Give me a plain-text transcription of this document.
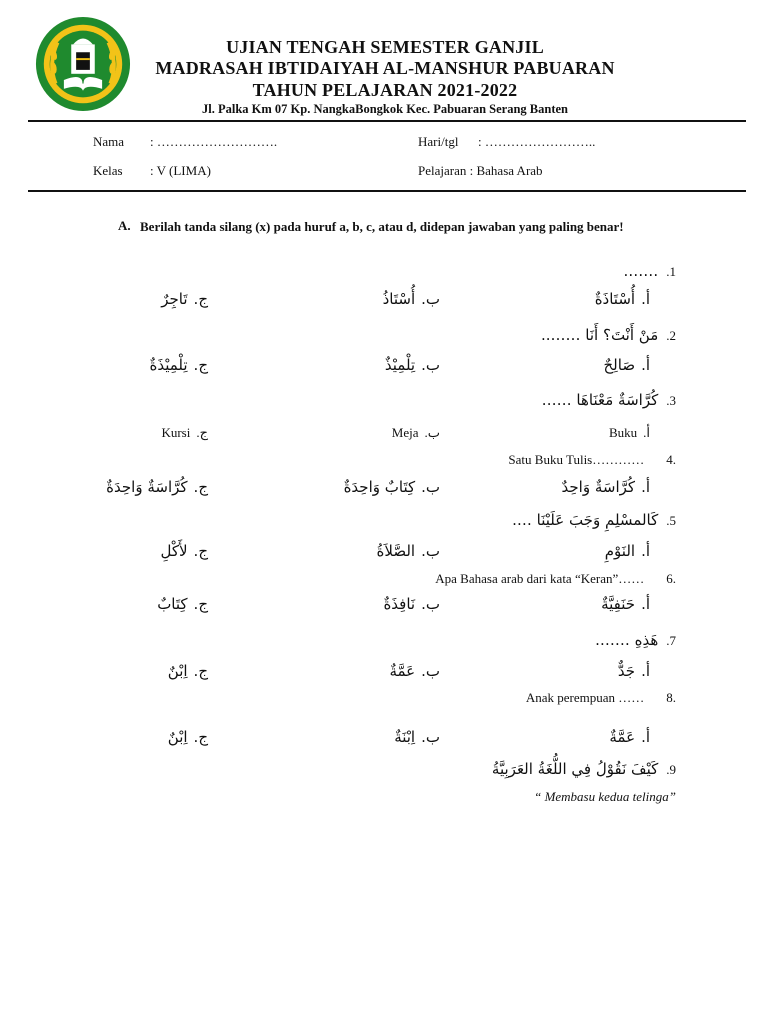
UJIAN TENGAH SEMESTER GANJIL
MADRASAH IBTIDAIYAH AL-MANSHUR PABUARAN
TAHUN PELAJARAN 2021-2022
Jl. Palka Km 07 Kp. NangkaBongkok Kec. Pabuaran Serang Banten
Nama : ……………………….
Kelas : V (LIMA)
Hari/tgl : ……………………..
Pelajaran : Bahasa Arab
A. Berilah tanda silang (x) pada huruf a, b, c, atau d, didepan jawaban yang paling benar!
1.…….
أ.أُسْتَاذَةٌ
ب.أُسْتَاذُ
ج.تَاجِرٌ
2.مَنْ أَنْتَ؟ أَنَا ……..
أ.صَالِحٌ
ب.تِلْمِيْذٌ
ج.تِلْمِيْذَةٌ
3.كُرَّاسَةٌ مَعْنَاهَا ……
أ.Buku
ب.Meja
ج.Kursi
Satu Buku Tulis………… 4.
أ.كُرَّاسَةٌ وَاحِدٌ
ب.كِتَابٌ وَاحِدَةٌ
ج.كُرَّاسَةٌ وَاحِدَةٌ
5.كَالمسْلِمِ وَجَبَ عَلَيْنَا ….
أ.النَوْمِ
ب.الصَّلاَةُ
ج.لأَكْلِ
Apa Bahasa arab dari kata “Keran”…… 6.
أ.حَنَفِيَّةٌ
ب.نَافِذَةٌ
ج.كِتَابٌ
7.هَذِهِ …….
أ.جَدٌّ
ب.عَمَّةٌ
ج.اِبْنٌ
Anak perempuan …… 8.
أ.عَمَّةٌ
ب.اِبْنَةٌ
ج.اِبْنٌ
9.كَيْفَ نَقُوْلُ فِي اللُّغَةُ العَرَبِيَّةُ
“ Membasu kedua telinga”
